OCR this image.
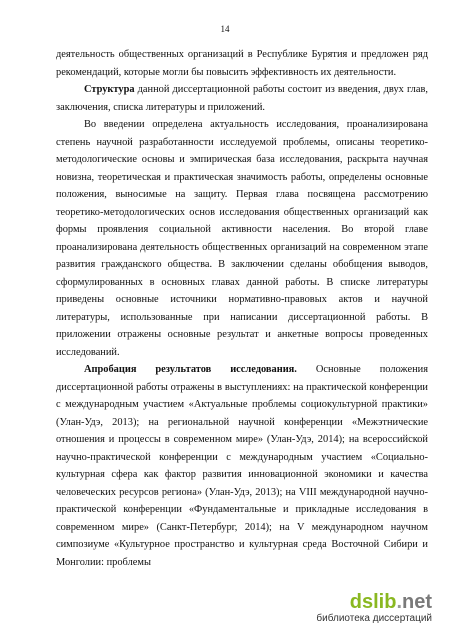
14

деятельность общественных организаций в Республике Бурятия и предложен ряд рекомендаций, которые могли бы повысить эффективность их деятельности.

Структура данной диссертационной работы состоит из введения, двух глав, заключения, списка литературы и приложений.

Во введении определена актуальность исследования, проанализирована степень научной разработанности исследуемой проблемы, описаны теоретико-методологические основы и эмпирическая база исследования, раскрыта научная новизна, теоретическая и практическая значимость работы, определены основные положения, выносимые на защиту. Первая глава посвящена рассмотрению теоретико-методологических основ исследования общественных организаций как формы проявления социальной активности населения. Во второй главе проанализирована деятельность общественных организаций на современном этапе развития гражданского общества. В заключении сделаны обобщения выводов, сформулированных в основных главах данной работы. В списке литературы приведены основные источники нормативно-правовых актов и научной литературы, использованные при написании диссертационной работы. В приложении отражены основные результат и анкетные вопросы проведенных исследований.

Апробация результатов исследования. Основные положения диссертационной работы отражены в выступлениях: на практической конференции с международным участием «Актуальные проблемы социокультурной практики» (Улан-Удэ, 2013); на региональной научной конференции «Межэтнические отношения и процессы в современном мире» (Улан-Удэ, 2014); на всероссийской научно-практической конференции с международным участием «Социально-культурная сфера как фактор развития инновационной экономики и качества человеческих ресурсов региона» (Улан-Удэ, 2013); на VIII международной научно-практической конференции «Фундаментальные и прикладные исследования в современном мире» (Санкт-Петербург, 2014); на V международном научном симпозиуме «Культурное пространство и культурная среда Восточной Сибири и Монголии: проблемы

dslib.net
библиотека диссертаций
